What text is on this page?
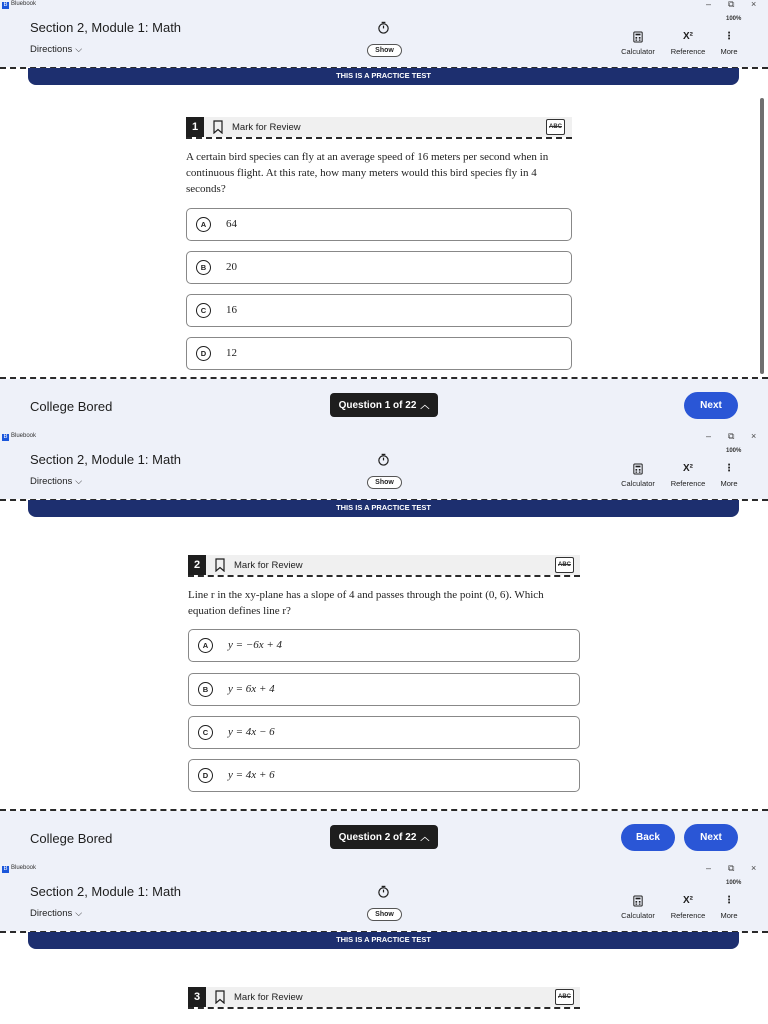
B Bluebook	– ⧉ ×
Section 2, Module 1: Math
Directions ⌵	Show
100%
Calculator
X²
Reference
⋮
More
THIS IS A PRACTICE TEST
1	Mark for Review	ABC
A certain bird species can fly at an average speed of 16 meters per second when in continuous flight. At this rate, how many meters would this bird species fly in 4 seconds?
A	64
B	20
C	16
D	12
College Bored	Question 1 of 22 ︿	Next
B Bluebook	– ⧉ ×
Section 2, Module 1: Math
Directions ⌵	Show
100%
Calculator
X²
Reference
⋮
More
THIS IS A PRACTICE TEST
2	Mark for Review	ABC
Line r in the xy-plane has a slope of 4 and passes through the point (0, 6). Which equation defines line r?
A	y = −6x + 4
B	y = 6x + 4
C	y = 4x − 6
D	y = 4x + 6
College Bored	Question 2 of 22 ︿	Back	Next
B Bluebook	– ⧉ ×
Section 2, Module 1: Math
Directions ⌵	Show
100%
Calculator
X²
Reference
⋮
More
THIS IS A PRACTICE TEST
3	Mark for Review	ABC
